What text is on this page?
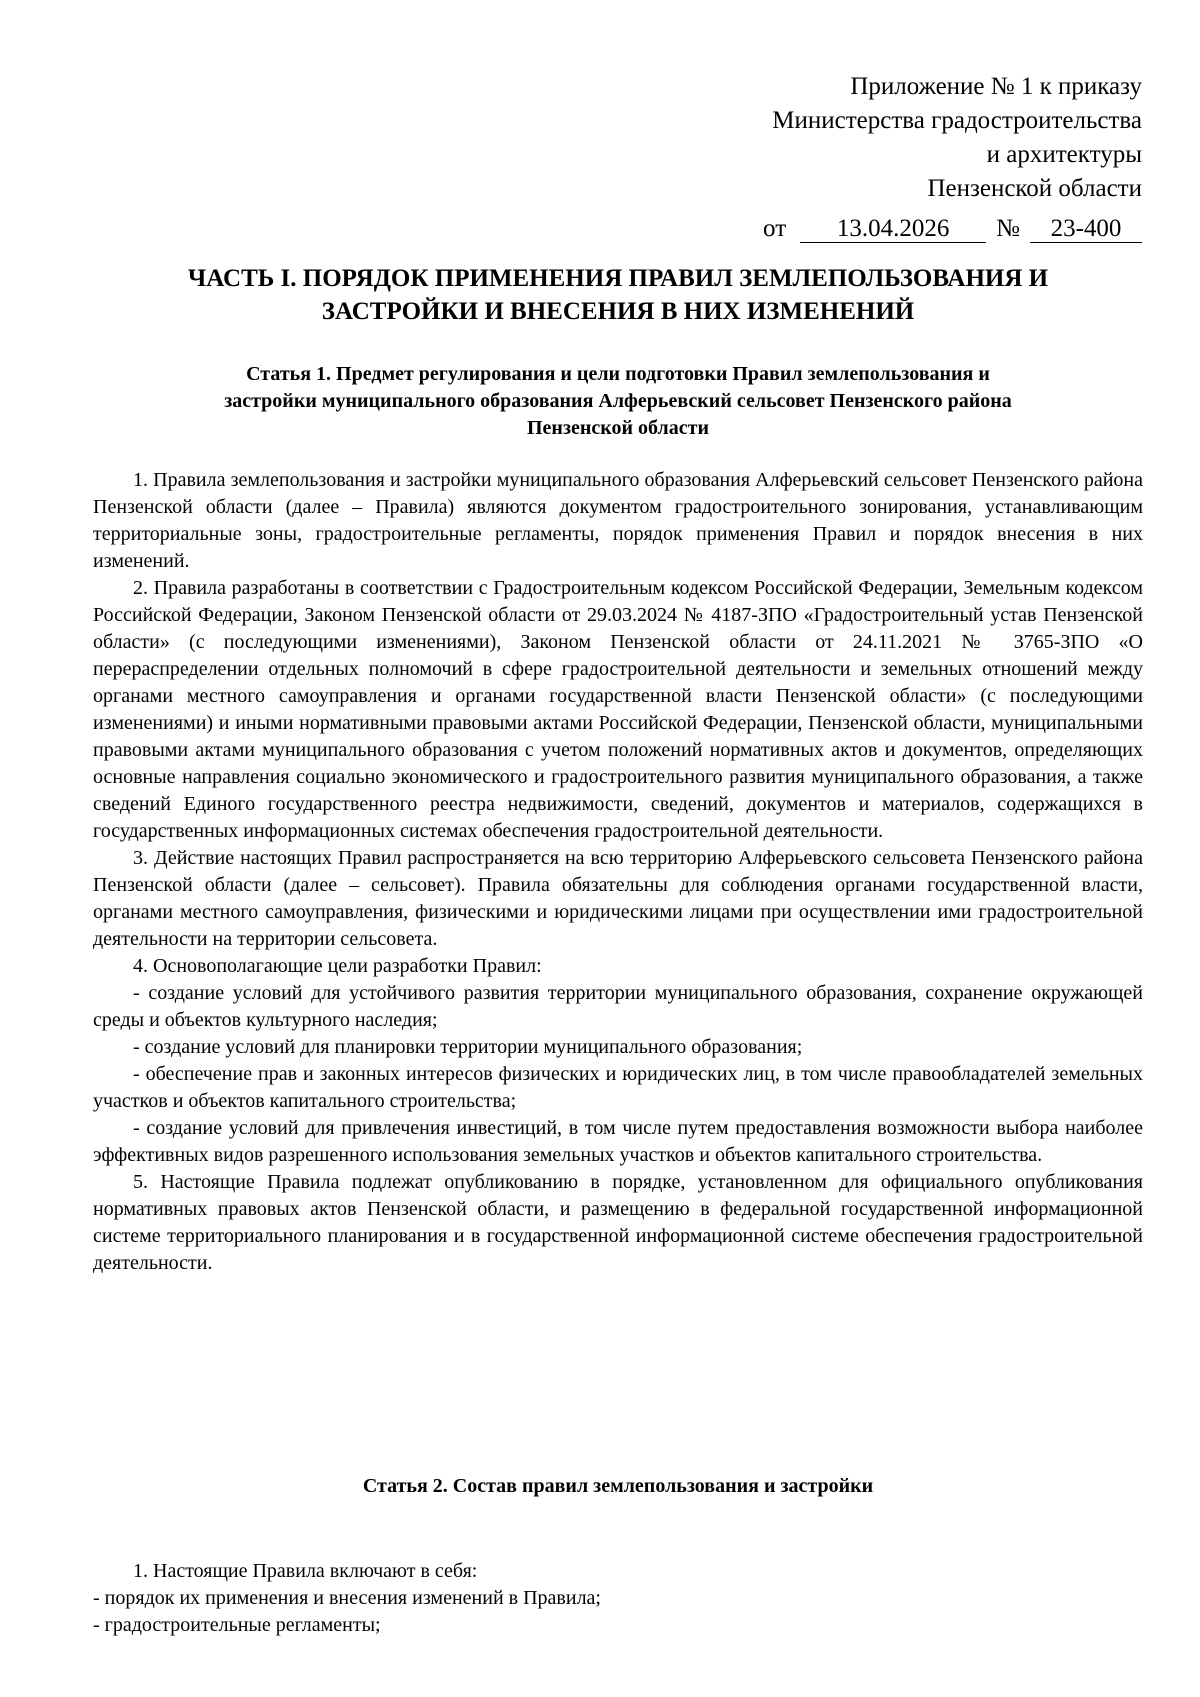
Приложение № 1 к приказу
Министерства градостроительства
и архитектуры
Пензенской области
от	13.04.2026	№	23-400
ЧАСТЬ I. ПОРЯДОК ПРИМЕНЕНИЯ ПРАВИЛ ЗЕМЛЕПОЛЬЗОВАНИЯ И
ЗАСТРОЙКИ И ВНЕСЕНИЯ В НИХ ИЗМЕНЕНИЙ
Статья 1. Предмет регулирования и цели подготовки Правил землепользования и
застройки муниципального образования Алферьевский сельсовет Пензенского района
Пензенской области

1. Правила землепользования и застройки муниципального образования Алферьевский сельсовет Пензенского района Пензенской области (далее – Правила) являются документом градостроительного зонирования, устанавливающим территориальные зоны, градостроительные регламенты, порядок применения Правил и порядок внесения в них изменений.

2. Правила разработаны в соответствии с Градостроительным кодексом Российской Федерации, Земельным кодексом Российской Федерации, Законом Пензенской области от 29.03.2024 № 4187-ЗПО «Градостроительный устав Пензенской области» (с последующими изменениями), Законом Пензенской области от 24.11.2021 № 3765-ЗПО «О перераспределении отдельных полномочий в сфере градостроительной деятельности и земельных отношений между органами местного самоуправления и органами государственной власти Пензенской области» (с последующими изменениями) и иными нормативными правовыми актами Российской Федерации, Пензенской области, муниципальными правовыми актами муниципального образования с учетом положений нормативных актов и документов, определяющих основные направления социально экономического и градостроительного развития муниципального образования, а также сведений Единого государственного реестра недвижимости, сведений, документов и материалов, содержащихся в государственных информационных системах обеспечения градостроительной деятельности.

3. Действие настоящих Правил распространяется на всю территорию Алферьевского сельсовета Пензенского района Пензенской области (далее – сельсовет). Правила обязательны для соблюдения органами государственной власти, органами местного самоуправления, физическими и юридическими лицами при осуществлении ими градостроительной деятельности на территории сельсовета.

4. Основополагающие цели разработки Правил:

- создание условий для устойчивого развития территории муниципального образования, сохранение окружающей среды и объектов культурного наследия;

- создание условий для планировки территории муниципального образования;

- обеспечение прав и законных интересов физических и юридических лиц, в том числе правообладателей земельных участков и объектов капитального строительства;

- создание условий для привлечения инвестиций, в том числе путем предоставления возможности выбора наиболее эффективных видов разрешенного использования земельных участков и объектов капитального строительства.

5. Настоящие Правила подлежат опубликованию в порядке, установленном для официального опубликования нормативных правовых актов Пензенской области, и размещению в федеральной государственной информационной системе территориального планирования и в государственной информационной системе обеспечения градостроительной деятельности.

Статья 2. Состав правил землепользования и застройки

1. Настоящие Правила включают в себя:

- порядок их применения и внесения изменений в Правила;

- градостроительные регламенты;
